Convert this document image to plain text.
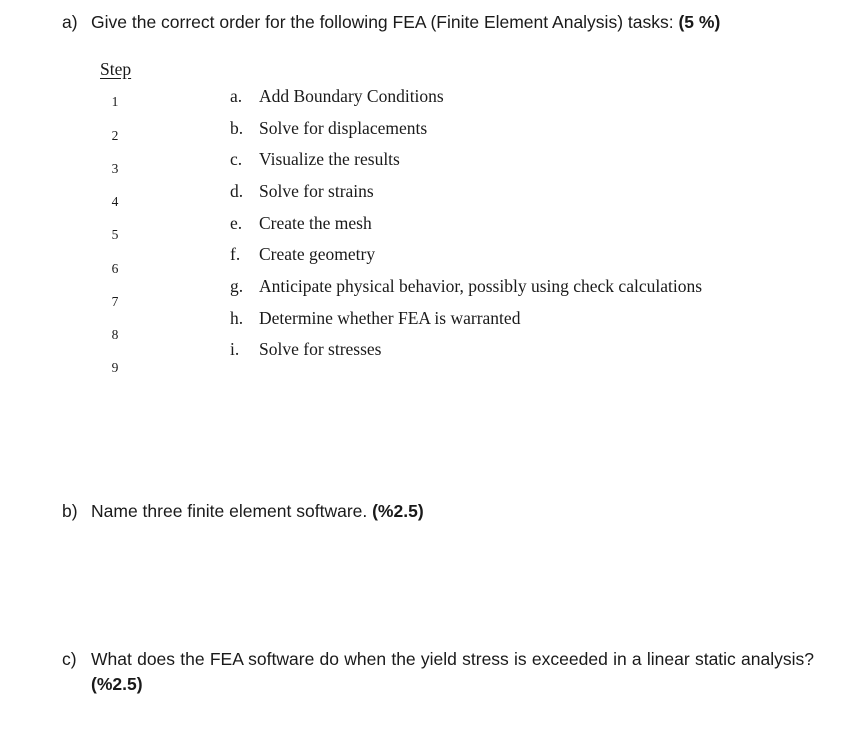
a) Give the correct order for the following FEA (Finite Element Analysis) tasks: (5 %)
Step
1
2
3
4
5
6
7
8
9
a. Add Boundary Conditions
b. Solve for displacements
c. Visualize the results
d. Solve for strains
e. Create the mesh
f. Create geometry
g. Anticipate physical behavior, possibly using check calculations
h. Determine whether FEA is warranted
i. Solve for stresses
b) Name three finite element software. (%2.5)
c) What does the FEA software do when the yield stress is exceeded in a linear static analysis? (%2.5)
